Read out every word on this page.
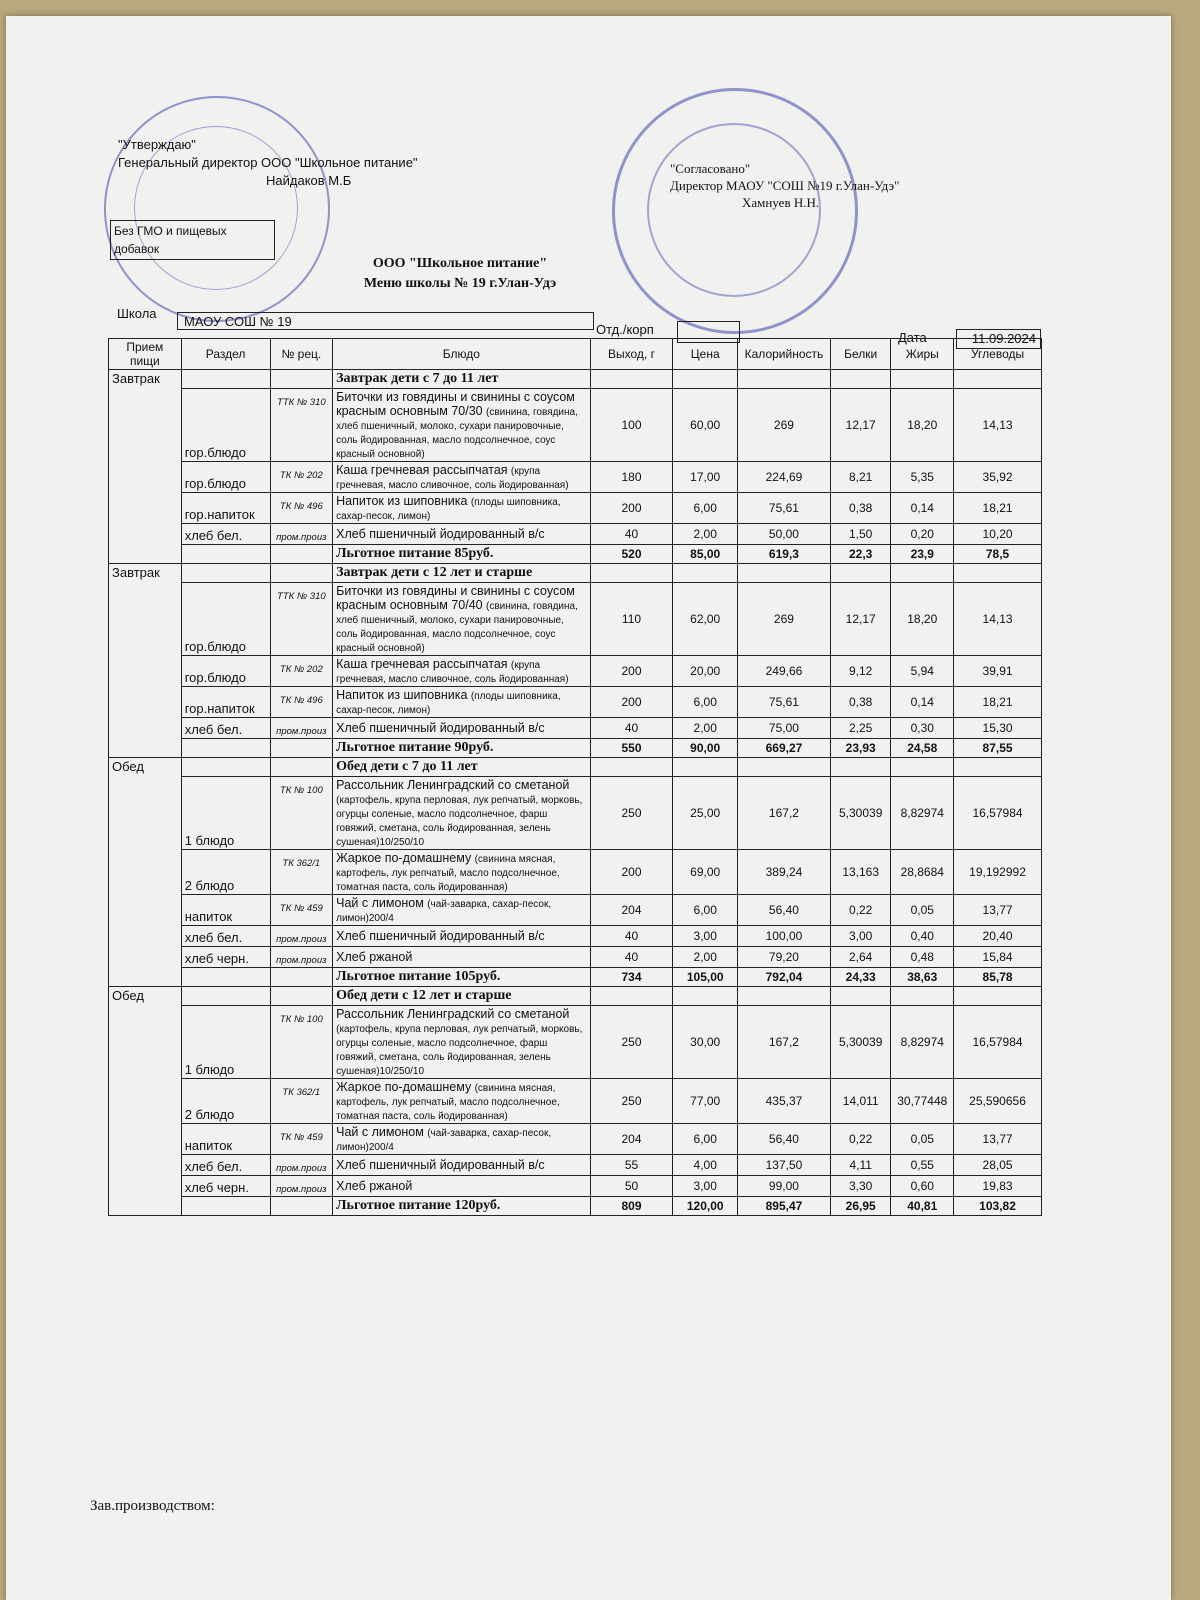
"Утверждаю"
Генеральный директор ООО "Школьное питание"
Найдаков М.Б
"Согласовано"
Директор МАОУ "СОШ №19 г.Улан-Удэ"
Хамнуев Н.Н.
Без ГМО и пищевых добавок
ООО "Школьное питание"
Меню школы № 19 г.Улан-Удэ
Школа
МАОУ СОШ № 19
Отд./корп
Дата	11.09.2024
Прием пищи	Раздел	№ рец.	Блюдо	Выход, г	Цена	Калорийность	Белки	Жиры	Углеводы
Завтрак			Завтрак дети с 7 до 11 лет						
	гор.блюдо	ТТК № 310	Биточки из говядины и свинины с соусом красным основным 70/30 (свинина, говядина, хлеб пшеничный, молоко, сухари панировочные, соль йодированная, масло подсолнечное, соус красный основной)	100	60,00	269	12,17	18,20	14,13
	гор.блюдо	ТК № 202	Каша гречневая рассыпчатая (крупа гречневая, масло сливочное, соль йодированная)	180	17,00	224,69	8,21	5,35	35,92
	гор.напиток	ТК № 496	Напиток из шиповника (плоды шиповника, сахар-песок, лимон)	200	6,00	75,61	0,38	0,14	18,21
	хлеб бел.	пром.произ	Хлеб пшеничный йодированный в/с	40	2,00	50,00	1,50	0,20	10,20
			Льготное питание 85руб.	520	85,00	619,3	22,3	23,9	78,5
Завтрак			Завтрак дети с 12 лет и старше						
	гор.блюдо	ТТК № 310	Биточки из говядины и свинины с соусом красным основным 70/40 (свинина, говядина, хлеб пшеничный, молоко, сухари панировочные, соль йодированная, масло подсолнечное, соус красный основной)	110	62,00	269	12,17	18,20	14,13
	гор.блюдо	ТК № 202	Каша гречневая рассыпчатая (крупа гречневая, масло сливочное, соль йодированная)	200	20,00	249,66	9,12	5,94	39,91
	гор.напиток	ТК № 496	Напиток из шиповника (плоды шиповника, сахар-песок, лимон)	200	6,00	75,61	0,38	0,14	18,21
	хлеб бел.	пром.произ	Хлеб пшеничный йодированный в/с	40	2,00	75,00	2,25	0,30	15,30
			Льготное питание 90руб.	550	90,00	669,27	23,93	24,58	87,55
Обед			Обед дети с 7 до 11 лет						
	1 блюдо	ТК № 100	Рассольник Ленинградский со сметаной (картофель, крупа перловая, лук репчатый, морковь, огурцы соленые, масло подсолнечное, фарш говяжий, сметана, соль йодированная, зелень сушеная)10/250/10	250	25,00	167,2	5,30039	8,82974	16,57984
	2 блюдо	ТК 362/1	Жаркое по-домашнему (свинина мясная, картофель, лук репчатый, масло подсолнечное, томатная паста, соль йодированная)	200	69,00	389,24	13,163	28,8684	19,192992
	напиток	ТК № 459	Чай с лимоном (чай-заварка, сахар-песок, лимон)200/4	204	6,00	56,40	0,22	0,05	13,77
	хлеб бел.	пром.произ	Хлеб пшеничный йодированный в/с	40	3,00	100,00	3,00	0,40	20,40
	хлеб черн.	пром.произ	Хлеб ржаной	40	2,00	79,20	2,64	0,48	15,84
			Льготное питание 105руб.	734	105,00	792,04	24,33	38,63	85,78
Обед			Обед дети с 12 лет и старше						
	1 блюдо	ТК № 100	Рассольник Ленинградский со сметаной (картофель, крупа перловая, лук репчатый, морковь, огурцы соленые, масло подсолнечное, фарш говяжий, сметана, соль йодированная, зелень сушеная)10/250/10	250	30,00	167,2	5,30039	8,82974	16,57984
	2 блюдо	ТК 362/1	Жаркое по-домашнему (свинина мясная, картофель, лук репчатый, масло подсолнечное, томатная паста, соль йодированная)	250	77,00	435,37	14,011	30,77448	25,590656
	напиток	ТК № 459	Чай с лимоном (чай-заварка, сахар-песок, лимон)200/4	204	6,00	56,40	0,22	0,05	13,77
	хлеб бел.	пром.произ	Хлеб пшеничный йодированный в/с	55	4,00	137,50	4,11	0,55	28,05
	хлеб черн.	пром.произ	Хлеб ржаной	50	3,00	99,00	3,30	0,60	19,83
			Льготное питание 120руб.	809	120,00	895,47	26,95	40,81	103,82
Зав.производством:
